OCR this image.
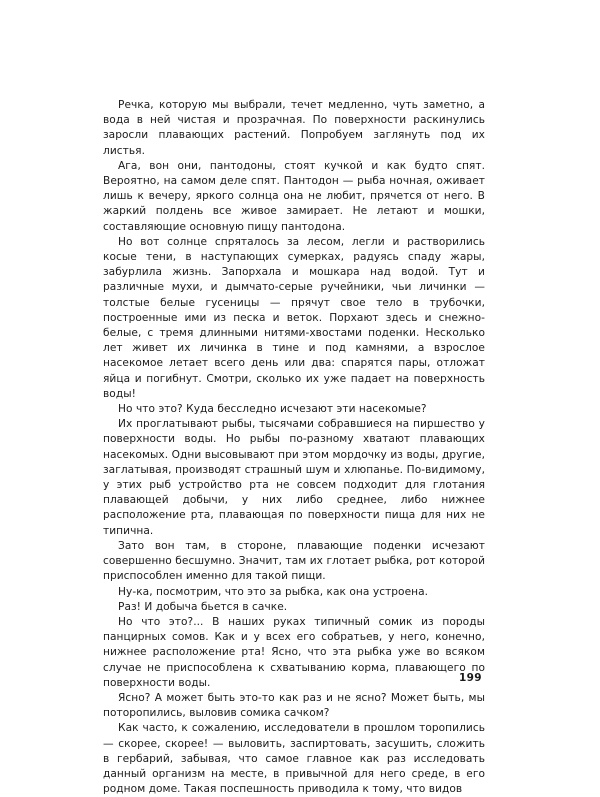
Речка, которую мы выбрали, течет медленно, чуть заметно, а вода в ней чистая и прозрачная. По поверхности раскинулись заросли плавающих растений. Попробуем заглянуть под их листья.

Ага, вон они, пантодоны, стоят кучкой и как будто спят. Вероятно, на самом деле спят. Пантодон — рыба ночная, оживает лишь к вечеру, яркого солнца она не любит, прячется от него. В жаркий полдень все живое замирает. Не летают и мошки, составляющие основную пищу пантодона.

Но вот солнце спряталось за лесом, легли и растворились косые тени, в наступающих сумерках, радуясь спаду жары, забурлила жизнь. Запорхала и мошкара над водой. Тут и различные мухи, и дымчато-серые ручейники, чьи личинки — толстые белые гусеницы — прячут свое тело в трубочки, построенные ими из песка и веток. Порхают здесь и снежно-белые, с тремя длинными нитями-хвостами поденки. Несколько лет живет их личинка в тине и под камнями, а взрослое насекомое летает всего день или два: спарятся пары, отложат яйца и погибнут. Смотри, сколько их уже падает на поверхность воды!

Но что это? Куда бесследно исчезают эти насекомые?

Их проглатывают рыбы, тысячами собравшиеся на пиршество у поверхности воды. Но рыбы по-разному хватают плавающих насекомых. Одни высовывают при этом мордочку из воды, другие, заглатывая, производят страшный шум и хлюпанье. По-видимому, у этих рыб устройство рта не совсем подходит для глотания плавающей добычи, у них либо среднее, либо нижнее расположение рта, плавающая по поверхности пища для них не типична.

Зато вон там, в стороне, плавающие поденки исчезают совершенно бесшумно. Значит, там их глотает рыбка, рот которой приспособлен именно для такой пищи.

Ну-ка, посмотрим, что это за рыбка, как она устроена.

Раз! И добыча бьется в сачке.

Но что это?... В наших руках типичный сомик из породы панцирных сомов. Как и у всех его собратьев, у него, конечно, нижнее расположение рта! Ясно, что эта рыбка уже во всяком случае не приспособлена к схватыванию корма, плавающего по поверхности воды.

Ясно? А может быть это-то как раз и не ясно? Может быть, мы поторопились, выловив сомика сачком?

Как часто, к сожалению, исследователи в прошлом торопились — скорее, скорее! — выловить, заспиртовать, засушить, сложить в гербарий, забывая, что самое главное как раз исследовать данный организм на месте, в привычной для него среде, в его родном доме. Такая поспешность приводила к тому, что видов

199
